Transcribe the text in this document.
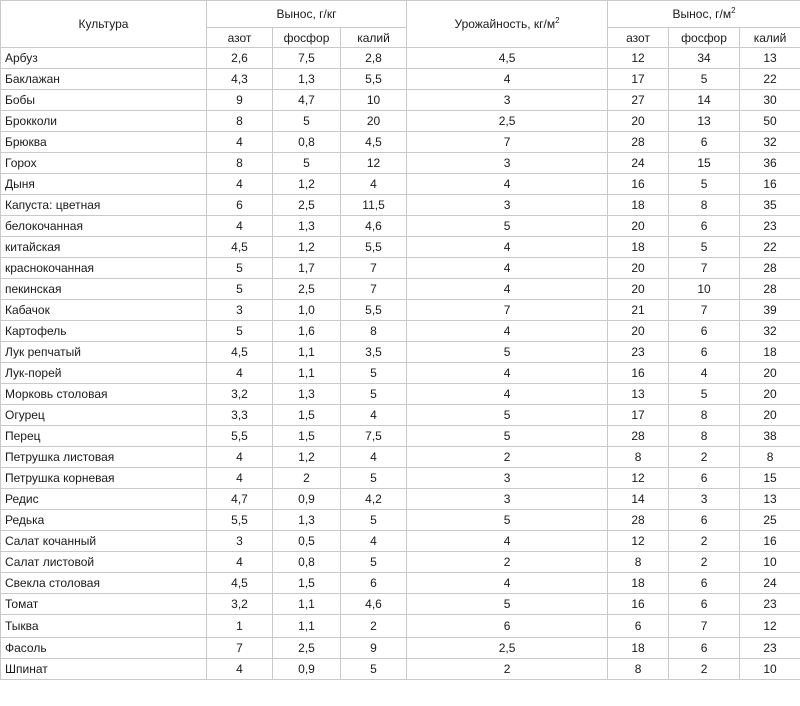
Культура	Вынос, г/кг			Урожайность, $кг/м^2$	Вынос, $г/м^2$
	азот	фосфор	калий		азот	фосфор	калий
Арбуз	2,6	7,5	2,8	4,5	12	34	13
Баклажан	4,3	1,3	5,5	4	17	5	22
Бобы	9	4,7	10	3	27	14	30
Брокколи	8	5	20	2,5	20	13	50
Брюква	4	0,8	4,5	7	28	6	32
Горох	8	5	12	3	24	15	36
Дыня	4	1,2	4	4	16	5	16
Капуста: цветная	6	2,5	11,5	3	18	8	35
белокочанная	4	1,3	4,6	5	20	6	23
китайская	4,5	1,2	5,5	4	18	5	22
краснокочанная	5	1,7	7	4	20	7	28
пекинская	5	2,5	7	4	20	10	28
Кабачок	3	1,0	5,5	7	21	7	39
Картофель	5	1,6	8	4	20	6	32
Лук репчатый	4,5	1,1	3,5	5	23	6	18
Лук-порей	4	1,1	5	4	16	4	20
Морковь столовая	3,2	1,3	5	4	13	5	20
Огурец	3,3	1,5	4	5	17	8	20
Перец	5,5	1,5	7,5	5	28	8	38
Петрушка листовая	4	1,2	4	2	8	2	8
Петрушка корневая	4	2	5	3	12	6	15
Редис	4,7	0,9	4,2	3	14	3	13
Редька	5,5	1,3	5	5	28	6	25
Салат кочанный	3	0,5	4	4	12	2	16
Салат листовой	4	0,8	5	2	8	2	10
Свекла столовая	4,5	1,5	6	4	18	6	24
Томат	3,2	1,1	4,6	5	16	6	23
Тыква	1	1,1	2	6	6	7	12
Фасоль	7	2,5	9	2,5	18	6	23
Шпинат	4	0,9	5	2	8	2	10
